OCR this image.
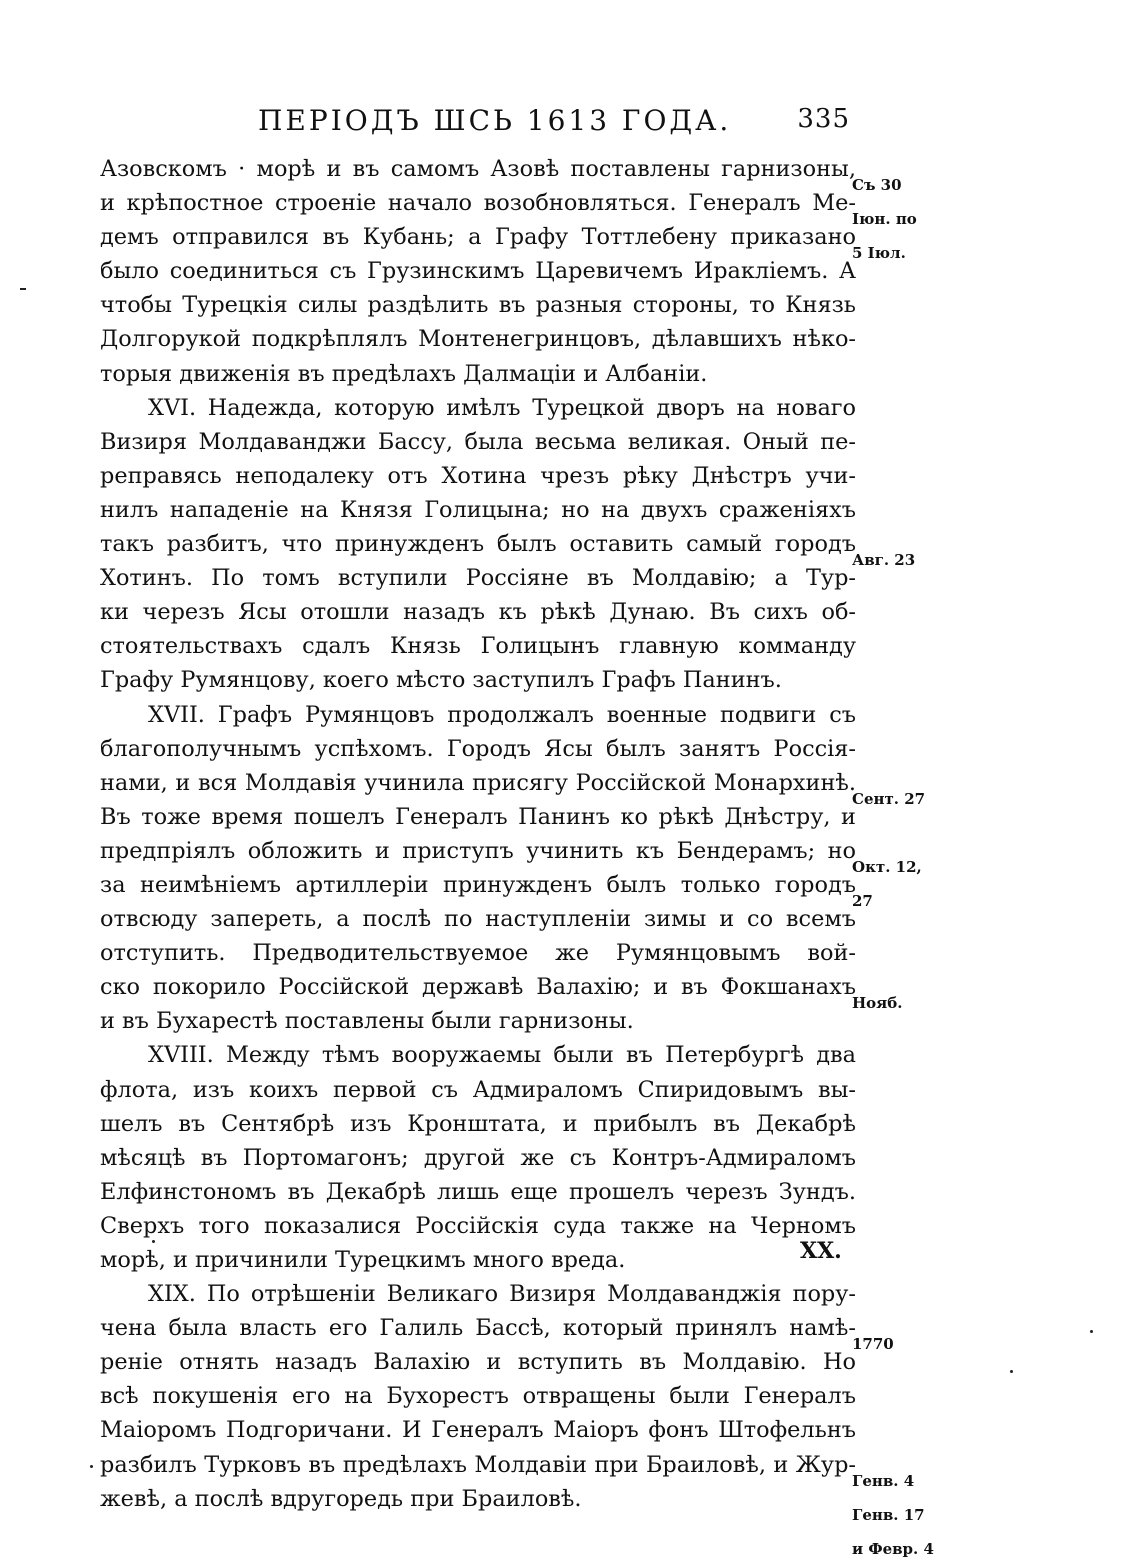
ПЕРІОДЪ ШСЬ 1613 ГОДА.	335
Азовскомъ · морѣ и въ самомъ Азовѣ поставлены гарнизоны,
и крѣпостное строенiе начало возобновляться. Генералъ Ме-
демъ отправился въ Кубань; а Графу Тоттлебену приказано
было соединиться съ Грузинскимъ Царевичемъ Иракліемъ. А
чтобы Турецкія силы раздѣлить въ разныя стороны, то Князь
Долгорукой подкрѣплялъ Монтенегринцовъ, дѣлавшихъ нѣко-
торыя движенія въ предѣлахъ Далмаціи и Албаніи.
XVI. Надежда, которую имѣлъ Турецкой дворъ на новаго
Визиря Молдаванджи Бассу, была весьма великая. Оный пе-
реправясь неподалеку отъ Хотина чрезъ рѣку Днѣстръ учи-
нилъ нападеніе на Князя Голицына; но на двухъ сраженіяхъ
такъ разбитъ, что принужденъ былъ оставить самый городъ
Хотинъ. По томъ вступили Россіяне въ Молдавію; а Тур-
ки черезъ Ясы отошли назадъ къ рѣкѣ Дунаю. Въ сихъ об-
стоятельствахъ сдалъ Князь Голицынъ главную комманду
Графу Румянцову, коего мѣсто заступилъ Графъ Панинъ.
XVII. Графъ Румянцовъ продолжалъ военные подвиги съ
благополучнымъ успѣхомъ. Городъ Ясы былъ занятъ Россія-
нами, и вся Молдавія учинила присягу Россійской Монархинѣ.
Въ тоже время пошелъ Генералъ Панинъ ко рѣкѣ Днѣстру, и
предпріялъ обложить и приступъ учинить къ Бендерамъ; но
за неимѣніемъ артиллеріи принужденъ былъ только городъ
отвсюду запереть, а послѣ по наступленіи зимы и со всемъ
отступить. Предводительствуемое же Румянцовымъ вой-
ско покорило Россійской державѣ Валахію; и въ Фокшанахъ
и въ Бухарестѣ поставлены были гарнизоны.
XVIII. Между тѣмъ вооружаемы были въ Петербургѣ два
флота, изъ коихъ первой съ Адмираломъ Спиридовымъ вы-
шелъ въ Сентябрѣ изъ Кронштата, и прибылъ въ Декабрѣ
мѣсяцѣ въ Портомагонъ; другой же съ Контръ-Адмираломъ
Елфинстономъ въ Декабрѣ лишь еще прошелъ черезъ Зундъ.
Сверхъ того показалися Россійскія суда также на Черномъ
морѣ, и причинили Турецкимъ много вреда.
XIX. По отрѣшеніи Великаго Визиря Молдаванджія пору-
чена была власть его Галиль Бассѣ, который принялъ намѣ-
реніе отнять назадъ Валахію и вступить въ Молдавію. Но
всѣ покушенія его на Бухорестъ отвращены были Генералъ
Маіоромъ Подгоричани. И Генералъ Маіоръ фонъ Штофельнъ
разбилъ Турковъ въ предѣлахъ Молдавіи при Браиловѣ, и Жур-
жевѣ, а послѣ вдругоредь при Браиловѣ.
Съ 30
Іюн. по
5 Іюл.
Авг. 23
Сент. 27
Окт. 12,
27
Нояб.
1770
Генв. 4
Генв. 17
и Февр. 4
XX.
